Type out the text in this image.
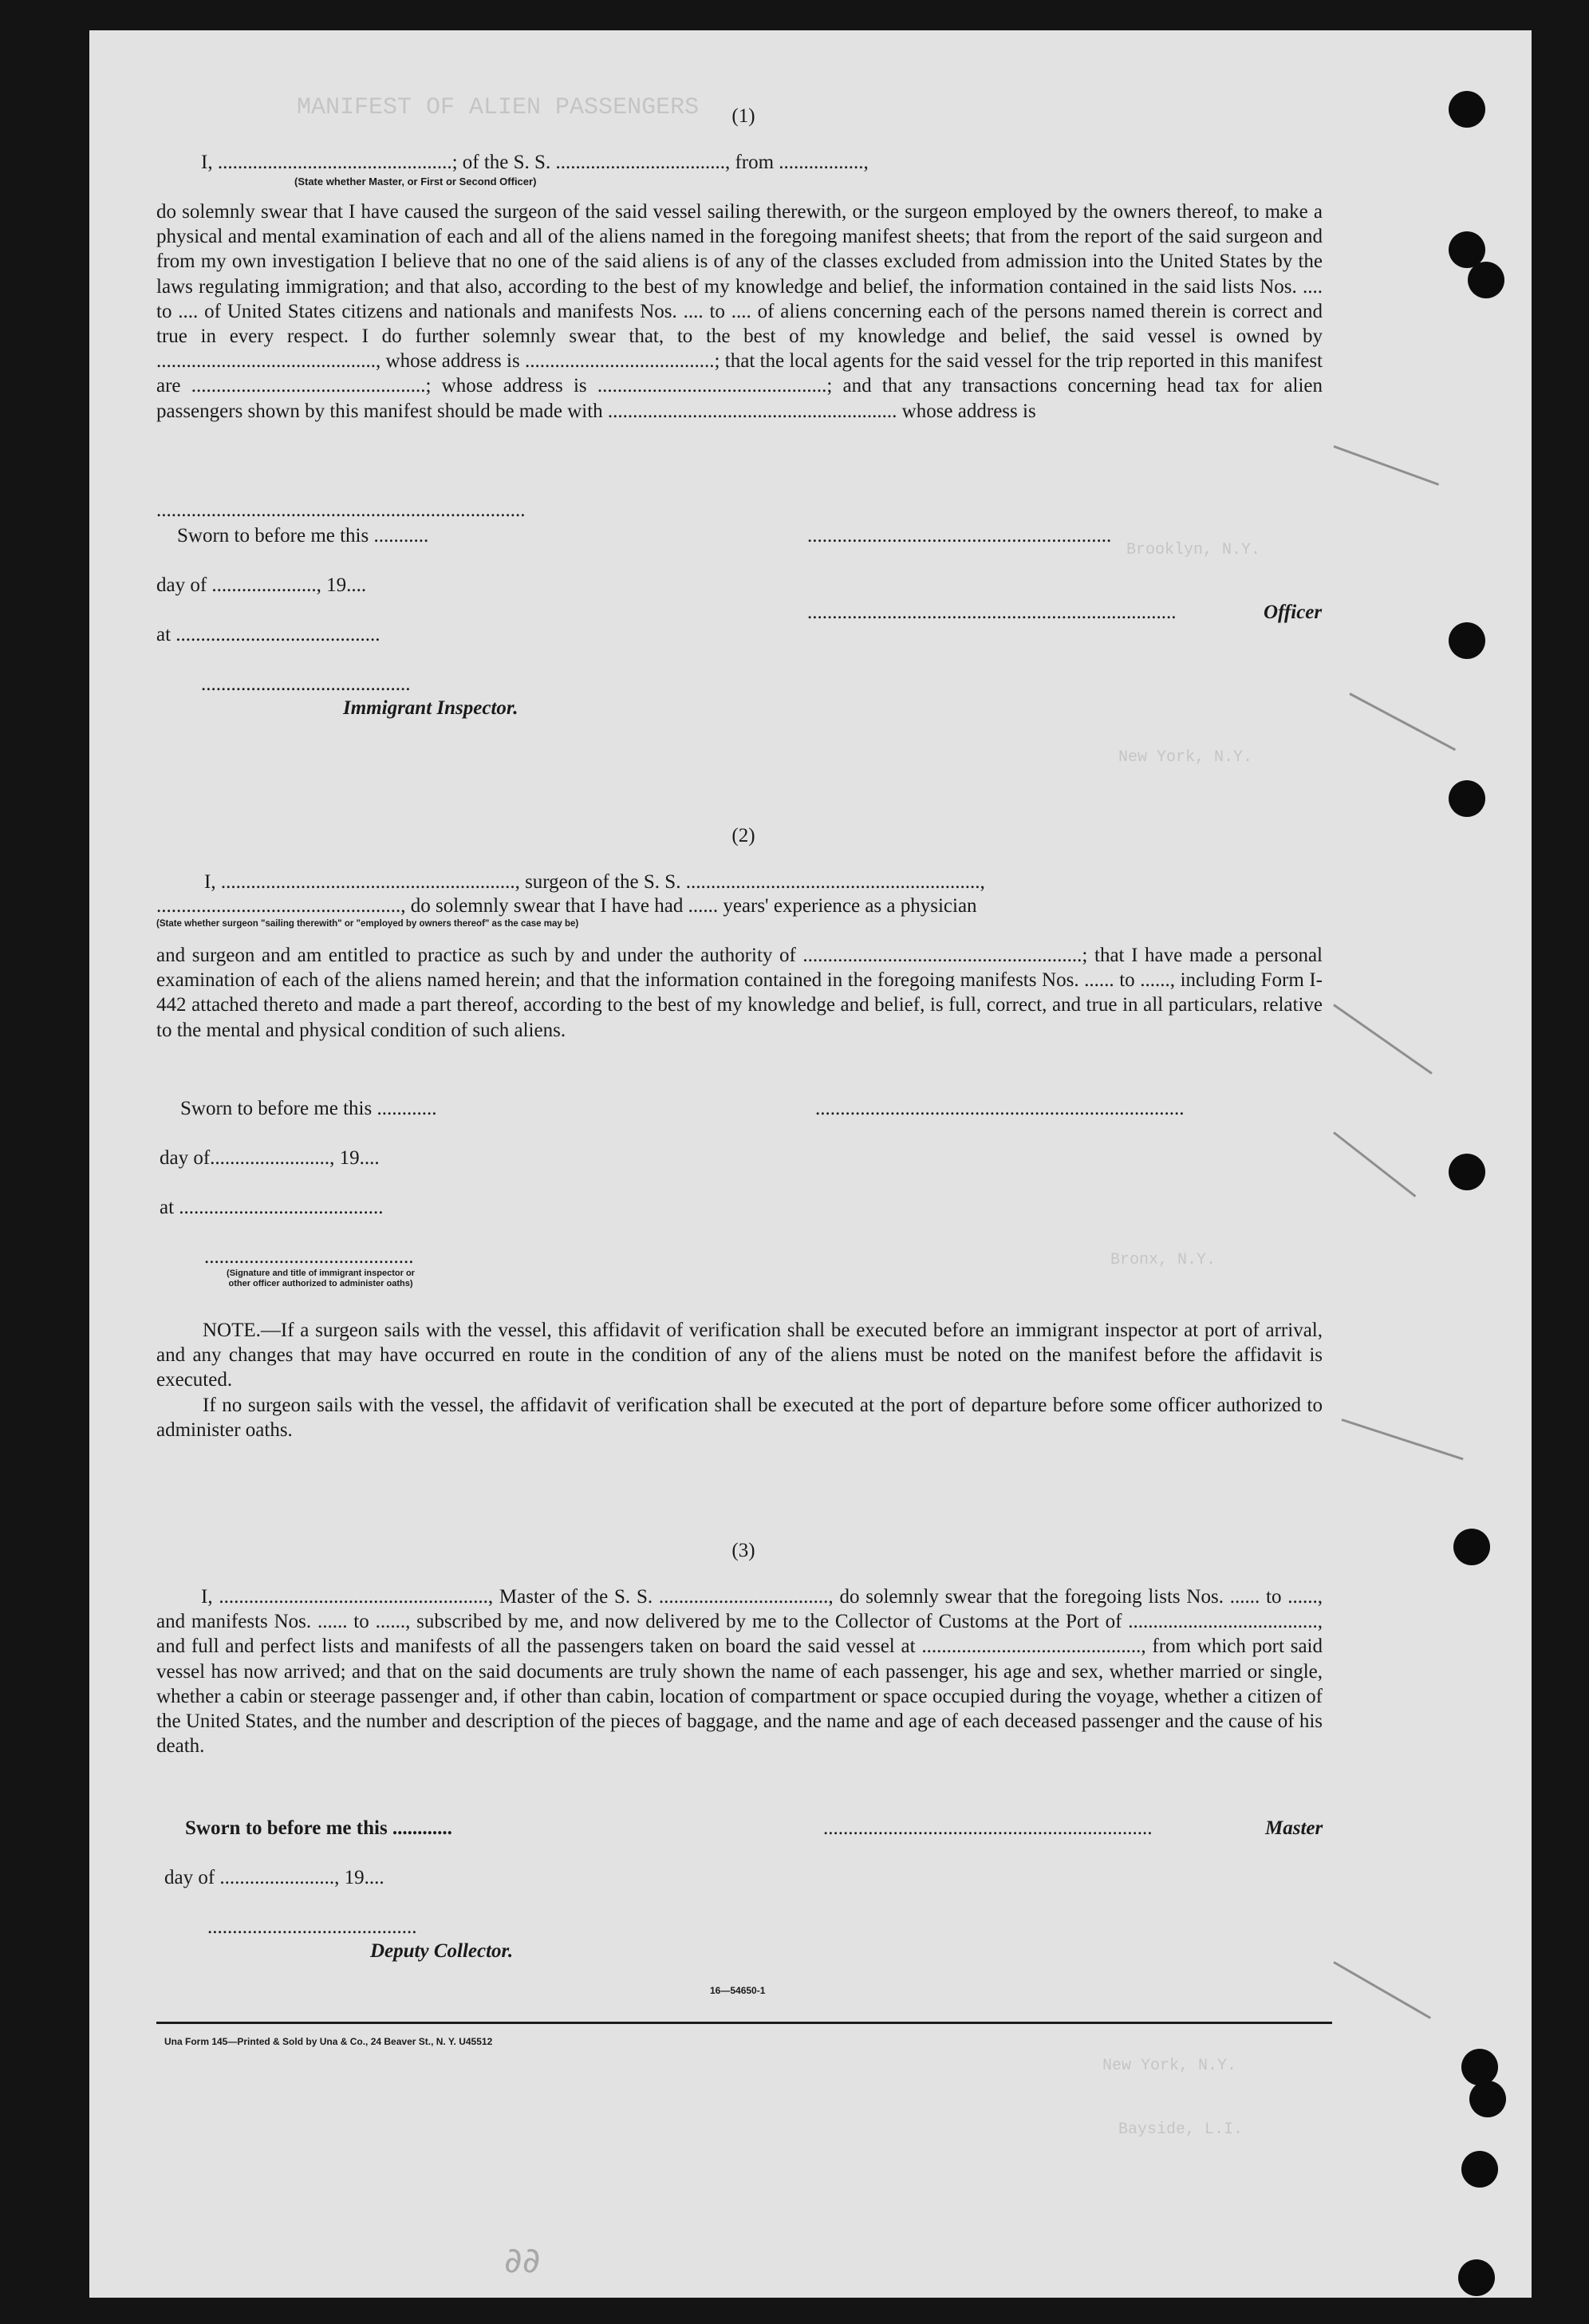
MANIFEST OF ALIEN PASSENGERS
Brooklyn, N.Y.
New York, N.Y.
Bronx, N.Y.
New York, N.Y.
Bayside, L.I.
(1)
I, ...............................................; of the S. S. .................................., from .................,
(State whether Master, or First or Second Officer)
do solemnly swear that I have caused the surgeon of the said vessel sailing therewith, or the surgeon employed by the owners thereof, to make a physical and mental examination of each and all of the aliens named in the foregoing manifest sheets; that from the report of the said surgeon and from my own investigation I believe that no one of the said aliens is of any of the classes excluded from admission into the United States by the laws regulating immigration; and that also, according to the best of my knowledge and belief, the information contained in the said lists Nos. .... to .... of United States citizens and nationals and manifests Nos. .... to .... of aliens concerning each of the persons named therein is correct and true in every respect. I do further solemnly swear that, to the best of my knowledge and belief, the said vessel is owned by ............................................, whose address is ......................................; that the local agents for the said vessel for the trip reported in this manifest are ...............................................; whose address is ..............................................; and that any transactions concerning head tax for alien passengers shown by this manifest should be made with .......................................................... whose address is
..........................................................................
Sworn to before me this ...........
day of ....................., 19....
at .........................................
..........................................
Immigrant Inspector.
.............................................................
..........................................................................	Officer
(2)
I, ..........................................................., surgeon of the S. S. ...........................................................,
................................................., do solemnly swear that I have had ...... years' experience as a physician
(State whether surgeon "sailing therewith" or "employed by owners thereof" as the case may be)
and surgeon and am entitled to practice as such by and under the authority of ........................................................; that I have made a personal examination of each of the aliens named herein; and that the information contained in the foregoing manifests Nos. ...... to ......, including Form I-442 attached thereto and made a part thereof, according to the best of my knowledge and belief, is full, correct, and true in all particulars, relative to the mental and physical condition of such aliens.
Sworn to before me this ............
day of........................, 19....
at .........................................
..........................................
(Signature and title of immigrant inspector or
other officer authorized to administer oaths)
..........................................................................
NOTE.—If a surgeon sails with the vessel, this affidavit of verification shall be executed before an immigrant inspector at port of arrival, and any changes that may have occurred en route in the condition of any of the aliens must be noted on the manifest before the affidavit is executed.
If no surgeon sails with the vessel, the affidavit of verification shall be executed at the port of departure before some officer authorized to administer oaths.
(3)
I, ......................................................, Master of the S. S. .................................., do solemnly swear that the foregoing lists Nos. ...... to ......, and manifests Nos. ...... to ......, subscribed by me, and now delivered by me to the Collector of Customs at the Port of ......................................, and full and perfect lists and manifests of all the passengers taken on board the said vessel at ............................................, from which port said vessel has now arrived; and that on the said documents are truly shown the name of each passenger, his age and sex, whether married or single, whether a cabin or steerage passenger and, if other than cabin, location of compartment or space occupied during the voyage, whether a citizen of the United States, and the number and description of the pieces of baggage, and the name and age of each deceased passenger and the cause of his death.
Sworn to before me this ............
day of ......................., 19....
..........................................
Deputy Collector.
..................................................................	Master
16—54650-1
Una Form 145—Printed & Sold by Una & Co., 24 Beaver St., N. Y. U45512
∂∂
